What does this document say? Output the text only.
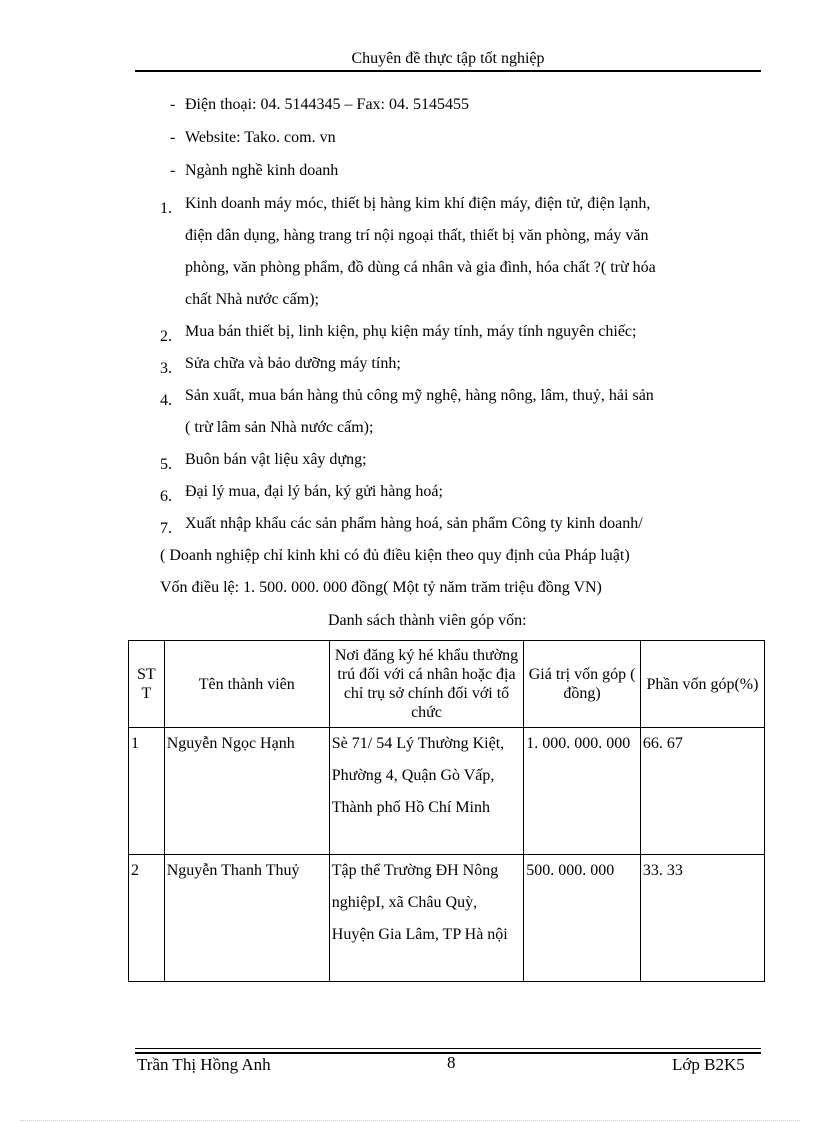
Chuyên đề thực tập tốt nghiệp
- Điện thoại: 04. 5144345 – Fax: 04. 5145455
- Website: Tako. com. vn
- Ngành nghề kinh doanh
1. Kinh doanh máy móc, thiết bị hàng kim khí điện máy, điện tử, điện lạnh,
điện dân dụng, hàng trang trí nội ngoại thất, thiết bị văn phòng, máy văn
phòng, văn phòng phẩm, đồ dùng cá nhân và gia đình, hóa chất ?( trừ hóa
chất Nhà nước cấm);
2. Mua bán thiết bị, linh kiện, phụ kiện máy tính, máy tính nguyên chiếc;
3. Sửa chữa và bảo dưỡng máy tính;
4. Sản xuất, mua bán hàng thủ công mỹ nghệ, hàng nông, lâm, thuỷ, hải sản
( trừ lâm sản Nhà nước cấm);
5. Buôn bán vật liệu xây dựng;
6. Đại lý mua, đại lý bán, ký gửi hàng hoá;
7. Xuất nhập khẩu các sản phẩm hàng hoá, sản phẩm Công ty kinh doanh/
( Doanh nghiệp chỉ kinh khi có đủ điều kiện theo quy định của Pháp luật)
Vốn điều lệ: 1. 500. 000. 000 đồng( Một tỷ năm trăm triệu đồng VN)
Danh sách thành viên góp vốn:
ST T	Tên thành viên	Nơi đăng ký hé khẩu thường trú đối với cá nhân hoặc địa chỉ trụ sở chính đối với tổ chức	Giá trị vốn góp ( đồng)	Phần vốn góp(%)
1	Nguyễn Ngọc Hạnh	Sè 71/ 54 Lý Thường Kiệt, Phường 4, Quận Gò Vấp, Thành phố Hồ Chí Minh	1. 000. 000. 000	66. 67
2	Nguyễn Thanh Thuỷ	Tập thể Trường ĐH Nông nghiệpI, xã Châu Quỳ, Huyện Gia Lâm, TP Hà nội	500. 000. 000	33. 33
Trần Thị Hồng Anh	8	Lớp B2K5
